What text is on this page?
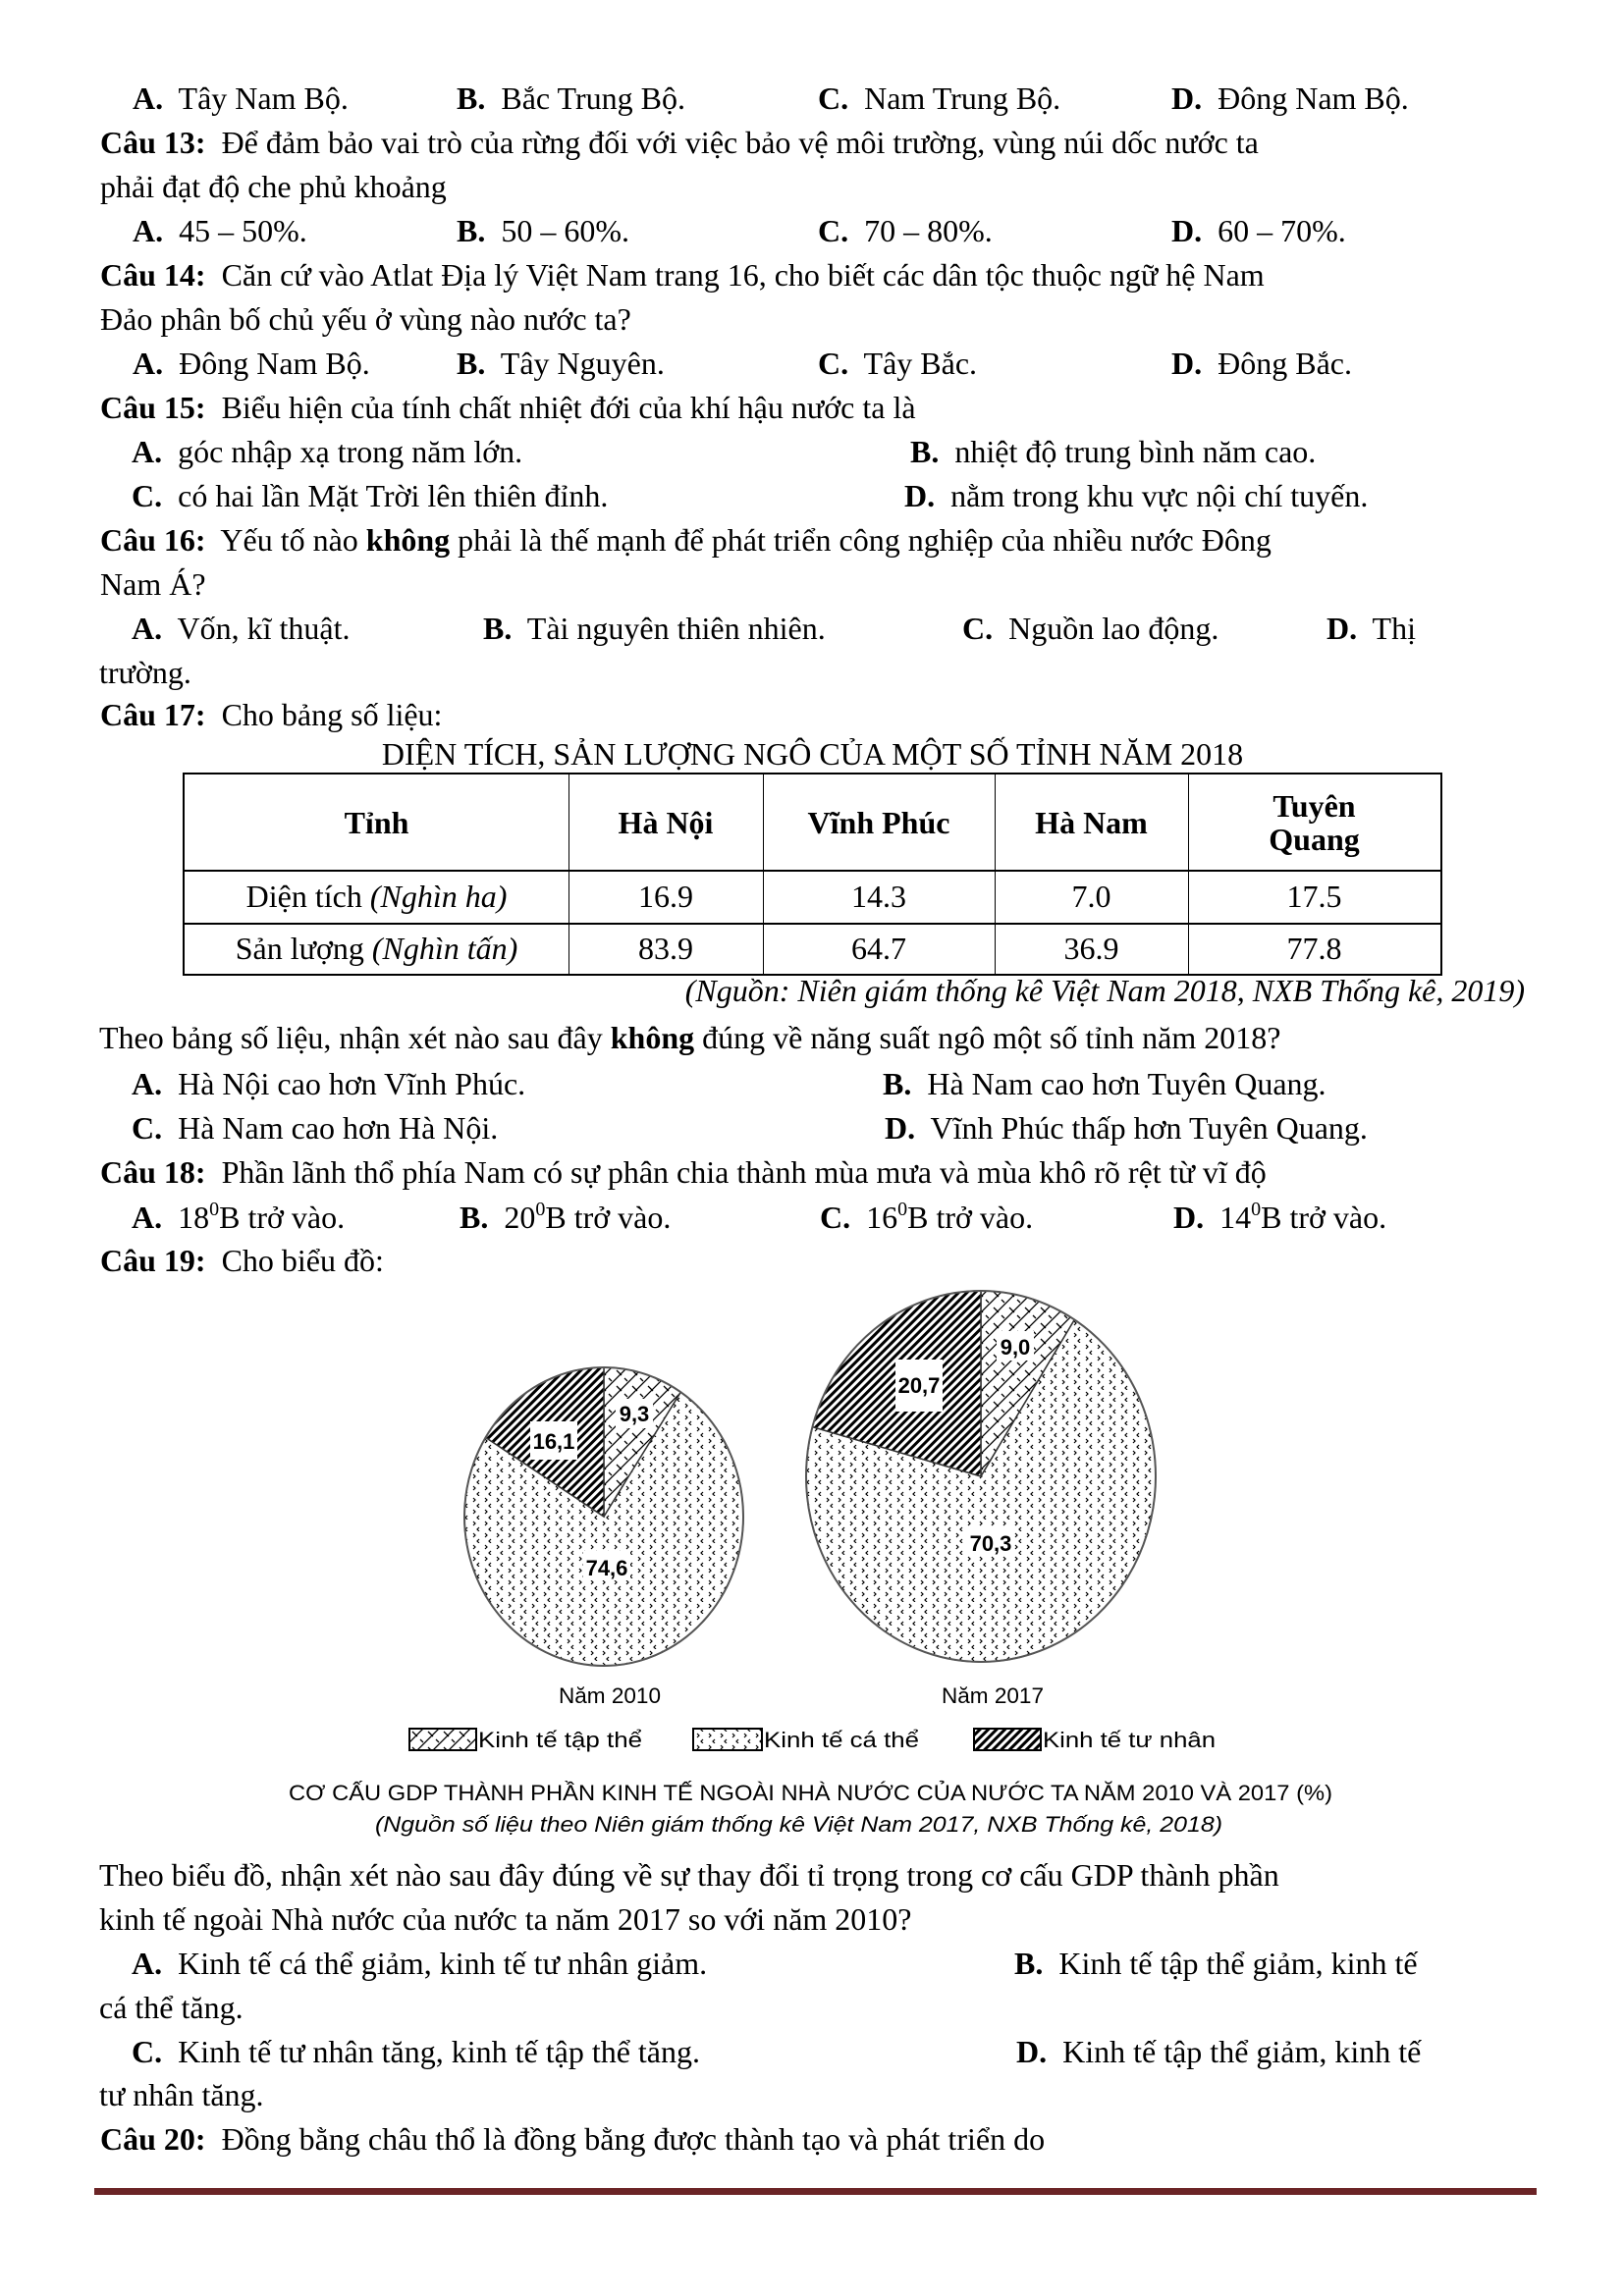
A. Tây Nam Bộ.	B. Bắc Trung Bộ.	C. Nam Trung Bộ.	D. Đông Nam Bộ.
Câu 13: Để đảm bảo vai trò của rừng đối với việc bảo vệ môi trường, vùng núi dốc nước ta
phải đạt độ che phủ khoảng
A. 45 – 50%.	B. 50 – 60%.	C. 70 – 80%.	D. 60 – 70%.
Câu 14: Căn cứ vào Atlat Địa lý Việt Nam trang 16, cho biết các dân tộc thuộc ngữ hệ Nam
Đảo phân bố chủ yếu ở vùng nào nước ta?
A. Đông Nam Bộ.	B. Tây Nguyên.	C. Tây Bắc.	D. Đông Bắc.
Câu 15: Biểu hiện của tính chất nhiệt đới của khí hậu nước ta là
A. góc nhập xạ trong năm lớn.	B. nhiệt độ trung bình năm cao.
C. có hai lần Mặt Trời lên thiên đỉnh.	D. nằm trong khu vực nội chí tuyến.
Câu 16: Yếu tố nào không phải là thế mạnh để phát triển công nghiệp của nhiều nước Đông
Nam Á?
A. Vốn, kĩ thuật.	B. Tài nguyên thiên nhiên.	C. Nguồn lao động.	D. Thị
trường.
Câu 17: Cho bảng số liệu:
DIỆN TÍCH, SẢN LƯỢNG NGÔ CỦA MỘT SỐ TỈNH NĂM 2018
Tỉnh	Hà Nội	Vĩnh Phúc	Hà Nam	Tuyên
Quang
Diện tích
(Nghìn ha)	16.9	14.3	7.0	17.5
Sản lượng
(Nghìn tấn)	83.9	64.7	36.9	77.8
(Nguồn: Niên giám thống kê Việt Nam 2018, NXB Thống kê, 2019)
Theo bảng số liệu, nhận xét nào sau đây không đúng về năng suất ngô một số tỉnh năm 2018?
A. Hà Nội cao hơn Vĩnh Phúc.	B. Hà Nam cao hơn Tuyên Quang.
C. Hà Nam cao hơn Hà Nội.	D. Vĩnh Phúc thấp hơn Tuyên Quang.
Câu 18: Phần lãnh thổ phía Nam có sự phân chia thành mùa mưa và mùa khô rõ rệt từ vĩ độ
A. $18^0B$ trở vào.	B. $20^0B$ trở vào.	C. $16^0B$ trở vào.	D. $14^0B$ trở vào.
Câu 19: Cho biểu đồ:
16,1
9,3
74,6
20,7
9,0
70,3
Năm 2010	Năm 2017
Kinh tế tập thể	Kinh tế cá thể	Kinh tế tư nhân
CƠ CẤU GDP THÀNH PHẦN KINH TẾ NGOÀI NHÀ NƯỚC CỦA NƯỚC TA NĂM 2010 VÀ 2017 (%)
(Nguồn số liệu theo Niên giám thống kê Việt Nam 2017, NXB Thống kê, 2018)
Theo biểu đồ, nhận xét nào sau đây đúng về sự thay đổi tỉ trọng trong cơ cấu GDP thành phần
kinh tế ngoài Nhà nước của nước ta năm 2017 so với năm 2010?
A. Kinh tế cá thể giảm, kinh tế tư nhân giảm.	B. Kinh tế tập thể giảm, kinh tế
cá thể tăng.
C. Kinh tế tư nhân tăng, kinh tế tập thể tăng.	D. Kinh tế tập thể giảm, kinh tế
tư nhân tăng.
Câu 20: Đồng bằng châu thổ là đồng bằng được thành tạo và phát triển do
